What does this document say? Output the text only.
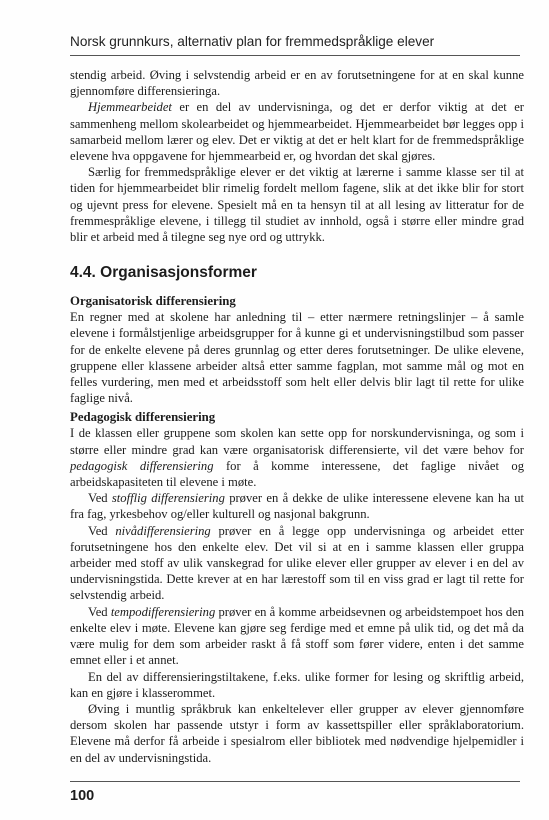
Norsk grunnkurs, alternativ plan for fremmedspråklige elever

stendig arbeid. Øving i selvstendig arbeid er en av forutsetningene for at en skal kunne gjennomføre differensieringa.

Hjemmearbeidet er en del av undervisninga, og det er derfor viktig at det er sammenheng mellom skolearbeidet og hjemmearbeidet. Hjemmearbeidet bør legges opp i samarbeid mellom lærer og elev. Det er viktig at det er helt klart for de fremmedspråklige elevene hva oppgavene for hjemmearbeid er, og hvordan det skal gjøres.

Særlig for fremmedspråklige elever er det viktig at lærerne i samme klasse ser til at tiden for hjemmearbeidet blir rimelig fordelt mellom fagene, slik at det ikke blir for stort og ujevnt press for elevene. Spesielt må en ta hensyn til at all lesing av litteratur for de fremmespråklige elevene, i tillegg til studiet av innhold, også i større eller mindre grad blir et arbeid med å tilegne seg nye ord og uttrykk.

4.4. Organisasjonsformer
Organisatorisk differensiering

En regner med at skolene har anledning til – etter nærmere retningslinjer – å samle elevene i formålstjenlige arbeidsgrupper for å kunne gi et undervisningstilbud som passer for de enkelte elevene på deres grunnlag og etter deres forutsetninger. De ulike elevene, gruppene eller klassene arbeider altså etter samme fagplan, mot samme mål og mot en felles vurdering, men med et arbeidsstoff som helt eller delvis blir lagt til rette for ulike faglige nivå.

Pedagogisk differensiering

I de klassen eller gruppene som skolen kan sette opp for norskundervisninga, og som i større eller mindre grad kan være organisatorisk differensierte, vil det være behov for pedagogisk differensiering for å komme interessene, det faglige nivået og arbeidskapasiteten til elevene i møte.

Ved stofflig differensiering prøver en å dekke de ulike interessene elevene kan ha ut fra fag, yrkesbehov og/eller kulturell og nasjonal bakgrunn.

Ved nivådifferensiering prøver en å legge opp undervisninga og arbeidet etter forutsetningene hos den enkelte elev. Det vil si at en i samme klassen eller gruppa arbeider med stoff av ulik vanskegrad for ulike elever eller grupper av elever i en del av undervisningstida. Dette krever at en har lærestoff som til en viss grad er lagt til rette for selvstendig arbeid.

Ved tempodifferensiering prøver en å komme arbeidsevnen og arbeidstempoet hos den enkelte elev i møte. Elevene kan gjøre seg ferdige med et emne på ulik tid, og det må da være mulig for dem som arbeider raskt å få stoff som fører videre, enten i det samme emnet eller i et annet.

En del av differensieringstiltakene, f.eks. ulike former for lesing og skriftlig arbeid, kan en gjøre i klasserommet.

Øving i muntlig språkbruk kan enkeltelever eller grupper av elever gjennomføre dersom skolen har passende utstyr i form av kassettspiller eller språklaboratorium. Elevene må derfor få arbeide i spesialrom eller bibliotek med nødvendige hjelpemidler i en del av undervisningstida.

100
